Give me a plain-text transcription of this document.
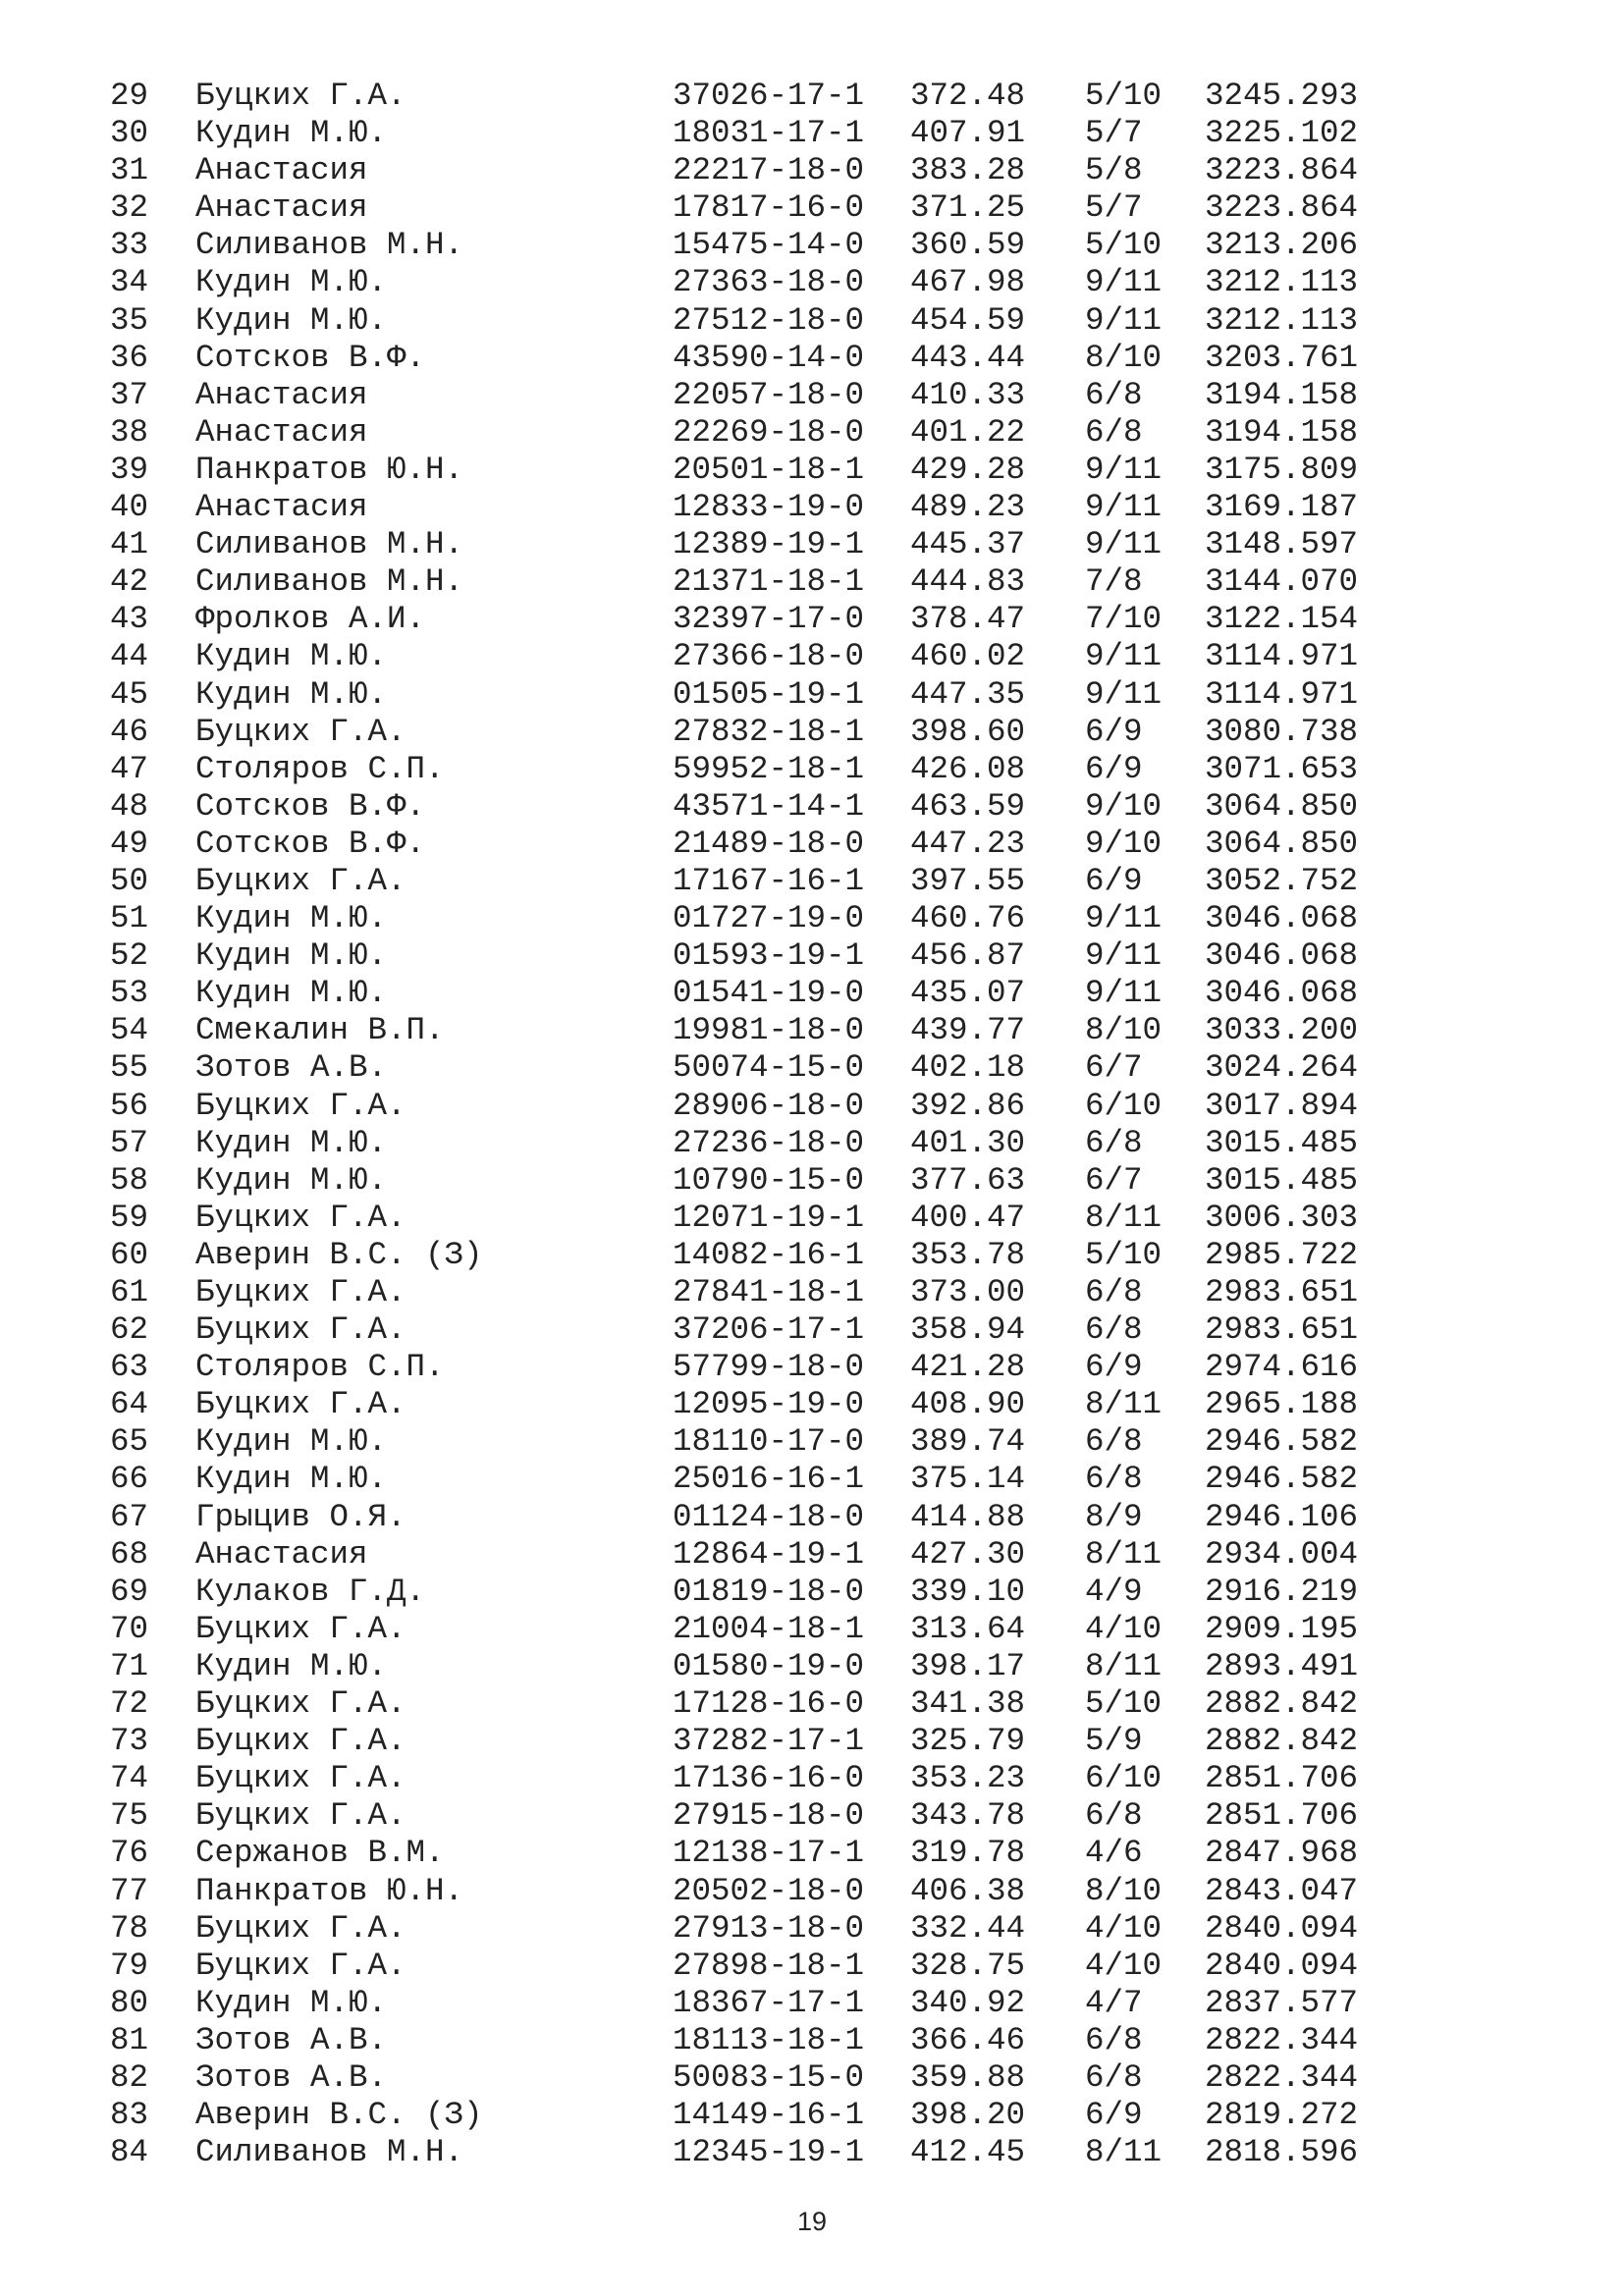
29	Буцких Г.А.	37026-17-1	372.48	5/10	3245.293
30	Кудин М.Ю.	18031-17-1	407.91	5/7	3225.102
31	Анастасия	22217-18-0	383.28	5/8	3223.864
32	Анастасия	17817-16-0	371.25	5/7	3223.864
33	Силиванов М.Н.	15475-14-0	360.59	5/10	3213.206
34	Кудин М.Ю.	27363-18-0	467.98	9/11	3212.113
35	Кудин М.Ю.	27512-18-0	454.59	9/11	3212.113
36	Сотсков В.Ф.	43590-14-0	443.44	8/10	3203.761
37	Анастасия	22057-18-0	410.33	6/8	3194.158
38	Анастасия	22269-18-0	401.22	6/8	3194.158
39	Панкратов Ю.Н.	20501-18-1	429.28	9/11	3175.809
40	Анастасия	12833-19-0	489.23	9/11	3169.187
41	Силиванов М.Н.	12389-19-1	445.37	9/11	3148.597
42	Силиванов М.Н.	21371-18-1	444.83	7/8	3144.070
43	Фролков А.И.	32397-17-0	378.47	7/10	3122.154
44	Кудин М.Ю.	27366-18-0	460.02	9/11	3114.971
45	Кудин М.Ю.	01505-19-1	447.35	9/11	3114.971
46	Буцких Г.А.	27832-18-1	398.60	6/9	3080.738
47	Столяров С.П.	59952-18-1	426.08	6/9	3071.653
48	Сотсков В.Ф.	43571-14-1	463.59	9/10	3064.850
49	Сотсков В.Ф.	21489-18-0	447.23	9/10	3064.850
50	Буцких Г.А.	17167-16-1	397.55	6/9	3052.752
51	Кудин М.Ю.	01727-19-0	460.76	9/11	3046.068
52	Кудин М.Ю.	01593-19-1	456.87	9/11	3046.068
53	Кудин М.Ю.	01541-19-0	435.07	9/11	3046.068
54	Смекалин В.П.	19981-18-0	439.77	8/10	3033.200
55	Зотов А.В.	50074-15-0	402.18	6/7	3024.264
56	Буцких Г.А.	28906-18-0	392.86	6/10	3017.894
57	Кудин М.Ю.	27236-18-0	401.30	6/8	3015.485
58	Кудин М.Ю.	10790-15-0	377.63	6/7	3015.485
59	Буцких Г.А.	12071-19-1	400.47	8/11	3006.303
60	Аверин В.С. (З)	14082-16-1	353.78	5/10	2985.722
61	Буцких Г.А.	27841-18-1	373.00	6/8	2983.651
62	Буцких Г.А.	37206-17-1	358.94	6/8	2983.651
63	Столяров С.П.	57799-18-0	421.28	6/9	2974.616
64	Буцких Г.А.	12095-19-0	408.90	8/11	2965.188
65	Кудин М.Ю.	18110-17-0	389.74	6/8	2946.582
66	Кудин М.Ю.	25016-16-1	375.14	6/8	2946.582
67	Грыцив О.Я.	01124-18-0	414.88	8/9	2946.106
68	Анастасия	12864-19-1	427.30	8/11	2934.004
69	Кулаков Г.Д.	01819-18-0	339.10	4/9	2916.219
70	Буцких Г.А.	21004-18-1	313.64	4/10	2909.195
71	Кудин М.Ю.	01580-19-0	398.17	8/11	2893.491
72	Буцких Г.А.	17128-16-0	341.38	5/10	2882.842
73	Буцких Г.А.	37282-17-1	325.79	5/9	2882.842
74	Буцких Г.А.	17136-16-0	353.23	6/10	2851.706
75	Буцких Г.А.	27915-18-0	343.78	6/8	2851.706
76	Сержанов В.М.	12138-17-1	319.78	4/6	2847.968
77	Панкратов Ю.Н.	20502-18-0	406.38	8/10	2843.047
78	Буцких Г.А.	27913-18-0	332.44	4/10	2840.094
79	Буцких Г.А.	27898-18-1	328.75	4/10	2840.094
80	Кудин М.Ю.	18367-17-1	340.92	4/7	2837.577
81	Зотов А.В.	18113-18-1	366.46	6/8	2822.344
82	Зотов А.В.	50083-15-0	359.88	6/8	2822.344
83	Аверин В.С. (З)	14149-16-1	398.20	6/9	2819.272
84	Силиванов М.Н.	12345-19-1	412.45	8/11	2818.596
19
